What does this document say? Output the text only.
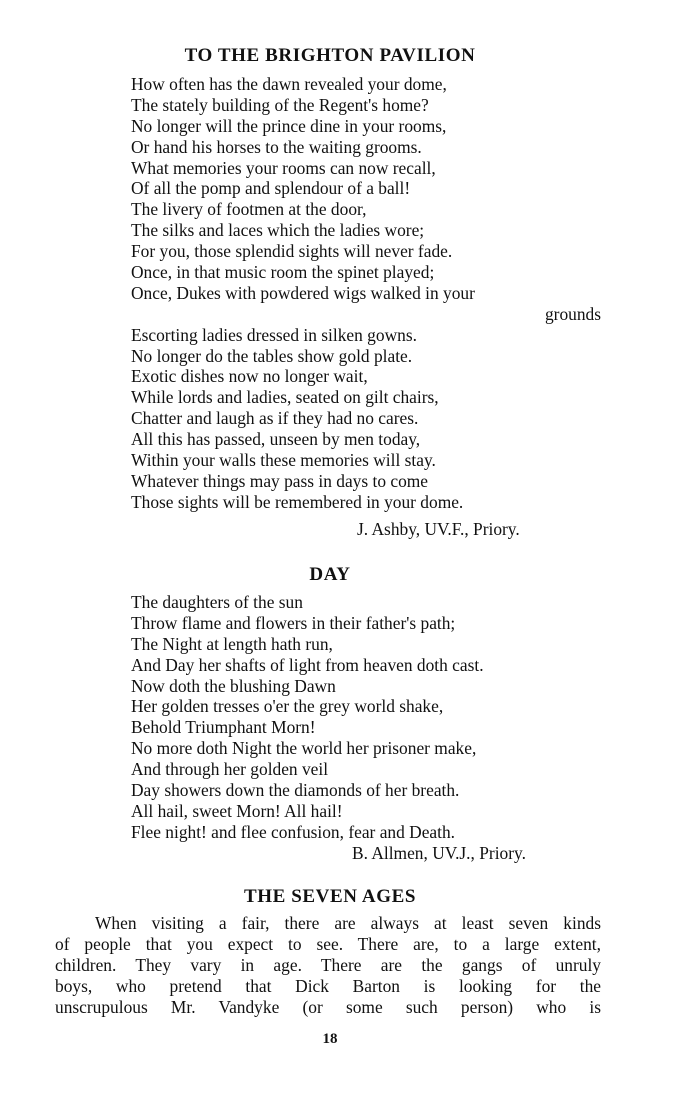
TO THE BRIGHTON PAVILION
How often has the dawn revealed your dome,
The stately building of the Regent's home?
No longer will the prince dine in your rooms,
Or hand his horses to the waiting grooms.
What memories your rooms can now recall,
Of all the pomp and splendour of a ball!
The livery of footmen at the door,
The silks and laces which the ladies wore;
For you, those splendid sights will never fade.
Once, in that music room the spinet played;
Once, Dukes with powdered wigs walked in your
grounds
Escorting ladies dressed in silken gowns.
No longer do the tables show gold plate.
Exotic dishes now no longer wait,
While lords and ladies, seated on gilt chairs,
Chatter and laugh as if they had no cares.
All this has passed, unseen by men today,
Within your walls these memories will stay.
Whatever things may pass in days to come
Those sights will be remembered in your dome.
J. Ashby, UV.F., Priory.
DAY
The daughters of the sun
Throw flame and flowers in their father's path;
The Night at length hath run,
And Day her shafts of light from heaven doth cast.
Now doth the blushing Dawn
Her golden tresses o'er the grey world shake,
Behold Triumphant Morn!
No more doth Night the world her prisoner make,
And through her golden veil
Day showers down the diamonds of her breath.
All hail, sweet Morn! All hail!
Flee night! and flee confusion, fear and Death.
B. Allmen, UV.J., Priory.
THE SEVEN AGES
When visiting a fair, there are always at least seven kinds
of people that you expect to see. There are, to a large extent,
children. They vary in age. There are the gangs of unruly
boys, who pretend that Dick Barton is looking for the
unscrupulous Mr. Vandyke (or some such person) who is
18
